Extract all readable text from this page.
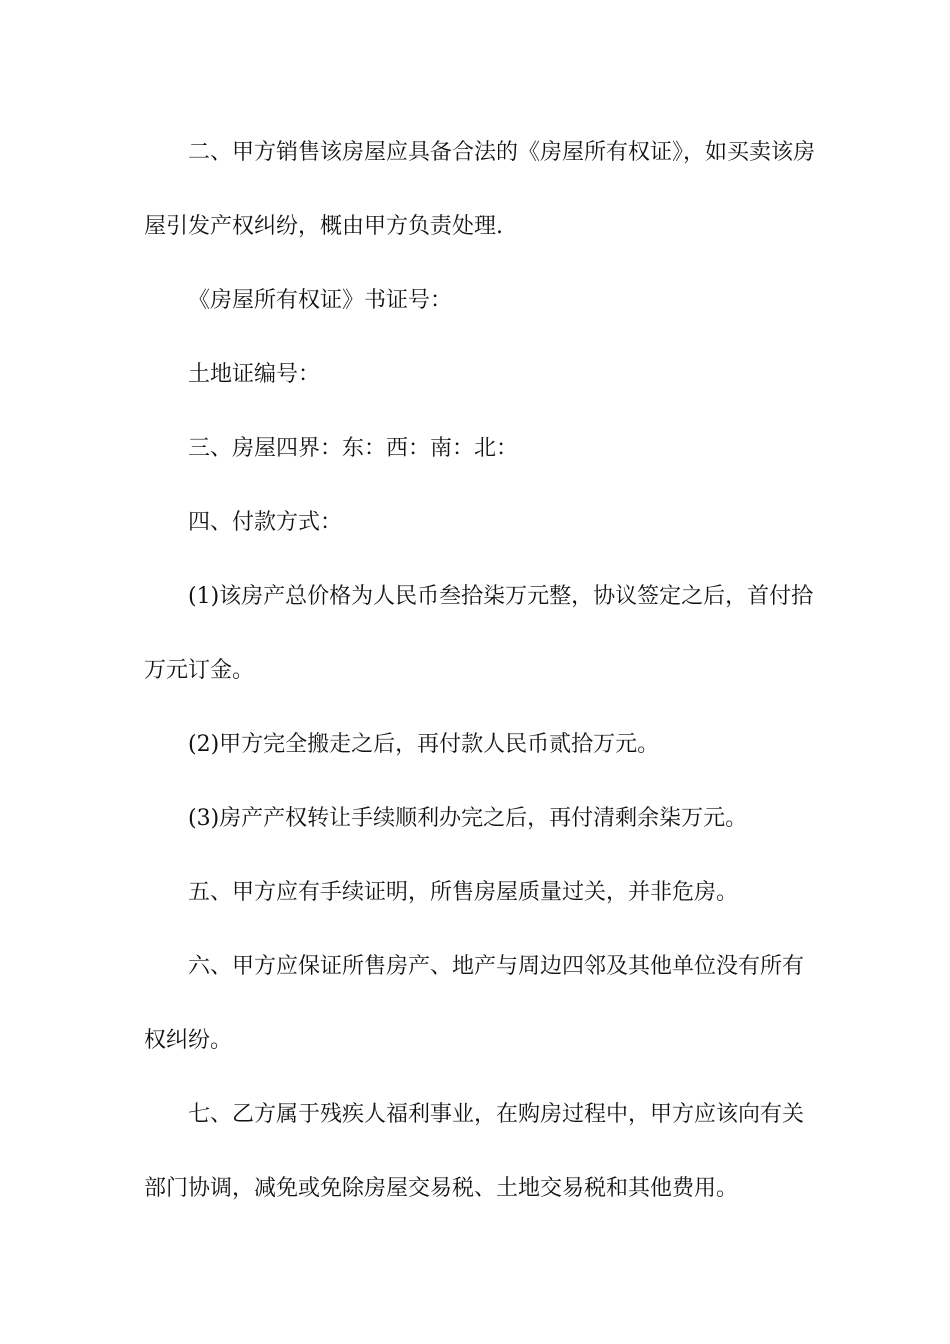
二、甲方销售该房屋应具备合法的《房屋所有权证》，如买卖该房屋引发产权纠纷，概由甲方负责处理.

《房屋所有权证》书证号：

土地证编号：

三、房屋四界：东：西：南：北：

四、付款方式：

(1)该房产总价格为人民币叁拾柒万元整，协议签定之后，首付拾万元订金。

(2)甲方完全搬走之后，再付款人民币贰拾万元。

(3)房产产权转让手续顺利办完之后，再付清剩余柒万元。

五、甲方应有手续证明，所售房屋质量过关，并非危房。

六、甲方应保证所售房产、地产与周边四邻及其他单位没有所有权纠纷。

七、乙方属于残疾人福利事业，在购房过程中，甲方应该向有关部门协调，减免或免除房屋交易税、土地交易税和其他费用。
